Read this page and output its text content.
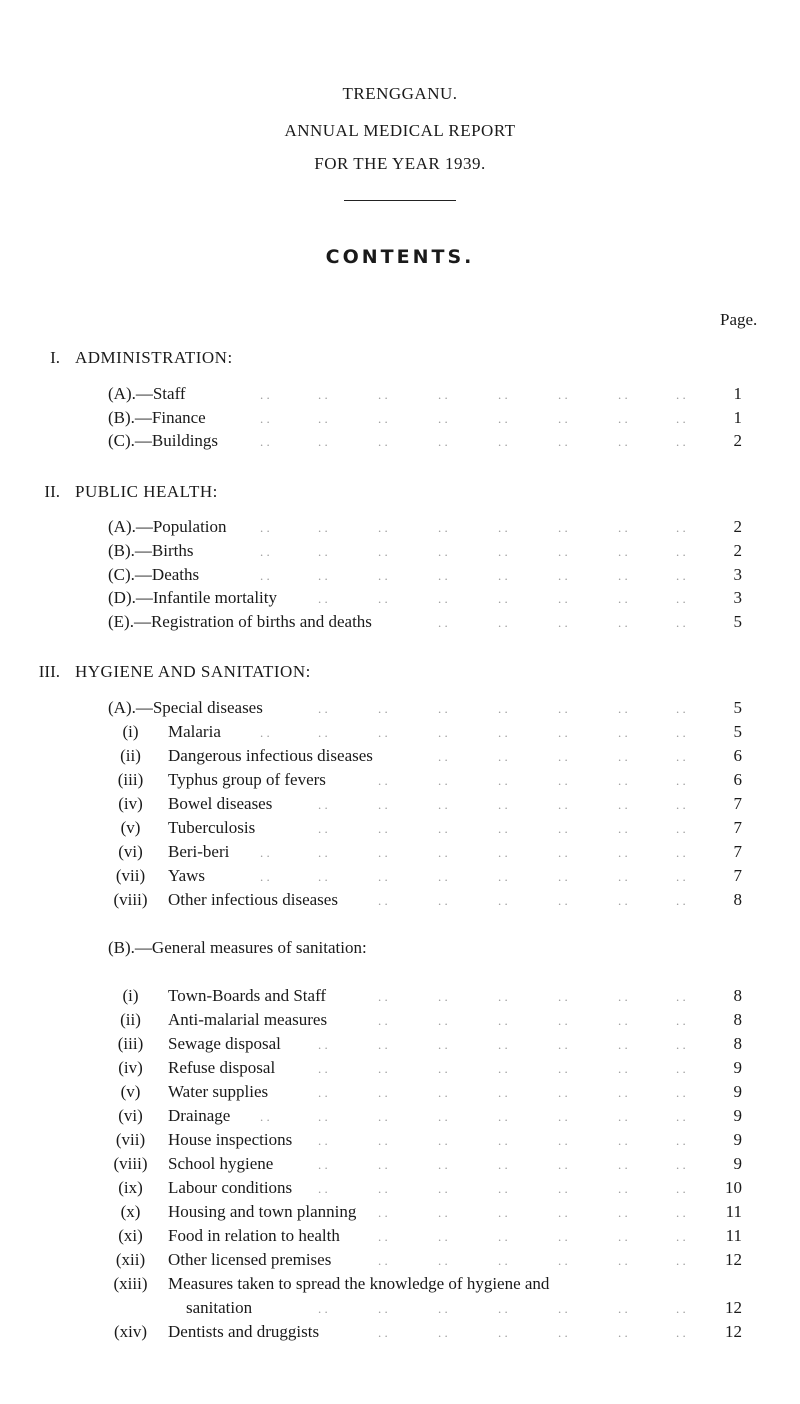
TRENGGANU.
ANNUAL MEDICAL REPORT
FOR THE YEAR 1939.
CONTENTS.
Page.
I. ADMINISTRATION:
. .	. .	. .	. .	. .	. .	. .	. .
(A).—Staff	1
. .	. .	. .	. .	. .	. .	. .	. .
(B).—Finance	1
. .	. .	. .	. .	. .	. .	. .	. .
(C).—Buildings	2
II. PUBLIC HEALTH:
. .	. .	. .	. .	. .	. .	. .	. .
(A).—Population	2
. .	. .	. .	. .	. .	. .	. .	. .
(B).—Births	2
. .	. .	. .	. .	. .	. .	. .	. .
(C).—Deaths	3
. .	. .	. .	. .	. .	. .	. .
(D).—Infantile mortality	3
. .	. .	. .	. .	. .
(E).—Registration of births and deaths	5
III. HYGIENE AND SANITATION:
. .	. .	. .	. .	. .	. .	. .
(A).—Special diseases	5
. .	. .	. .	. .	. .	. .	. .	. .
(i)	Malaria	5
. .	. .	. .	. .	. .
(ii)	Dangerous infectious diseases	6
. .	. .	. .	. .	. .	. .
(iii)	Typhus group of fevers	6
. .	. .	. .	. .	. .	. .	. .
(iv)	Bowel diseases	7
. .	. .	. .	. .	. .	. .	. .
(v)	Tuberculosis	7
. .	. .	. .	. .	. .	. .	. .	. .
(vi)	Beri-beri	7
. .	. .	. .	. .	. .	. .	. .	. .
(vii)	Yaws	7
. .	. .	. .	. .	. .	. .
(viii)	Other infectious diseases	8
(B).—General measures of sanitation:
. .	. .	. .	. .	. .	. .
(i)	Town-Boards and Staff	8
. .	. .	. .	. .	. .	. .
(ii)	Anti-malarial measures	8
. .	. .	. .	. .	. .	. .	. .
(iii)	Sewage disposal	8
. .	. .	. .	. .	. .	. .	. .
(iv)	Refuse disposal	9
. .	. .	. .	. .	. .	. .	. .
(v)	Water supplies	9
. .	. .	. .	. .	. .	. .	. .	. .
(vi)	Drainage	9
. .	. .	. .	. .	. .	. .	. .
(vii)	House inspections	9
. .	. .	. .	. .	. .	. .	. .
(viii)	School hygiene	9
. .	. .	. .	. .	. .	. .	. .
(ix)	Labour conditions	10
. .	. .	. .	. .	. .	. .
(x)	Housing and town planning	11
. .	. .	. .	. .	. .	. .
(xi)	Food in relation to health	11
. .	. .	. .	. .	. .	. .
(xii)	Other licensed premises	12
(xiii)	Measures taken to spread the knowledge of hygiene and
. .	. .	. .	. .	. .	. .	. .
sanitation	12
. .	. .	. .	. .	. .	. .
(xiv)	Dentists and druggists	12
